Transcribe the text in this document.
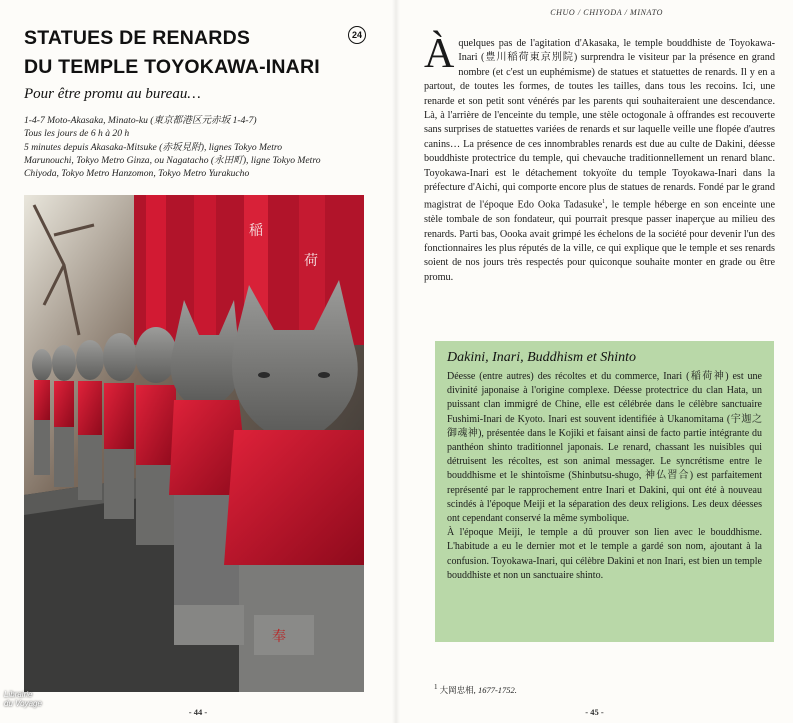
STATUES DE RENARDS
DU TEMPLE TOYOKAWA-INARI
24

Pour être promu au bureau…

1-4-7 Moto-Akasaka, Minato-ku (東京都港区元赤坂 1-4-7)
Tous les jours de 6 h à 20 h
5 minutes depuis Akasaka-Mitsuke (赤坂見附), lignes Tokyo Metro
Marunouchi, Tokyo Metro Ginza, ou Nagatacho (永田町), ligne Tokyo Metro
Chiyoda, Tokyo Metro Hanzomon, Tokyo Metro Yurakucho
稲
荷
奉
Librairie
du Voyage
- 44 -
CHUO / CHIYODA / MINATO

Àquelques pas de l'agitation d'Akasaka, le temple bouddhiste de Toyokawa-Inari (豊川稲荷東京別院) surprendra le visiteur par la présence en grand nombre (et c'est un euphémisme) de statues et statuettes de renards. Il y en a partout, de toutes les formes, de toutes les tailles, dans tous les recoins. Ici, une renarde et son petit sont vénérés par les parents qui souhaiteraient une descendance. Là, à l'arrière de l'enceinte du temple, une stèle octogonale à offrandes est recouverte sans surprises de statuettes variées de renards et sur laquelle veille une flopée d'autres canins… La présence de ces innombrables renards est due au culte de Dakini, déesse bouddhiste protectrice du temple, qui chevauche traditionnellement un renard blanc. Toyokawa-Inari est le détachement tokyoïte du temple Toyokawa-Inari dans la préfecture d'Aichi, qui comporte encore plus de statues de renards. Fondé par le grand magistrat de l'époque Edo Ooka Tadasuke$^1$, le temple héberge en son enceinte une stèle tombale de son fondateur, qui pourrait presque passer inaperçue au milieu des renards. Parti bas, Oooka avait grimpé les échelons de la société pour devenir l'un des fonctionnaires les plus réputés de la ville, ce qui explique que le temple et ses renards soient de nos jours très respectés pour quiconque souhaite monter en grade ou être promu.

Dakini, Inari, Buddhism et Shinto

Déesse (entre autres) des récoltes et du commerce, Inari (稲荷神) est une divinité japonaise à l'origine complexe. Déesse protectrice du clan Hata, un puissant clan immigré de Chine, elle est célébrée dans le célèbre sanctuaire Fushimi-Inari de Kyoto. Inari est souvent identifiée à Ukanomitama (宇迦之御魂神), présentée dans le Kojiki et faisant ainsi de facto partie intégrante du panthéon shinto traditionnel japonais. Le renard, chassant les nuisibles qui détruisent les récoltes, est son animal messager. Le syncrétisme entre le bouddhisme et le shintoïsme (Shinbutsu-shugo, 神仏習合) est parfaitement représenté par le rapprochement entre Inari et Dakini, qui ont été à nouveau scindés à l'époque Meiji et la séparation des deux religions. Les deux déesses ont cependant conservé la même symbolique.

À l'époque Meiji, le temple a dû prouver son lien avec le bouddhisme. L'habitude a eu le dernier mot et le temple a gardé son nom, ajoutant à la confusion. Toyokawa-Inari, qui célèbre Dakini et non Inari, est bien un temple bouddhiste et non un sanctuaire shinto.

$^1$ 大岡忠相, 1677-1752.
- 45 -
